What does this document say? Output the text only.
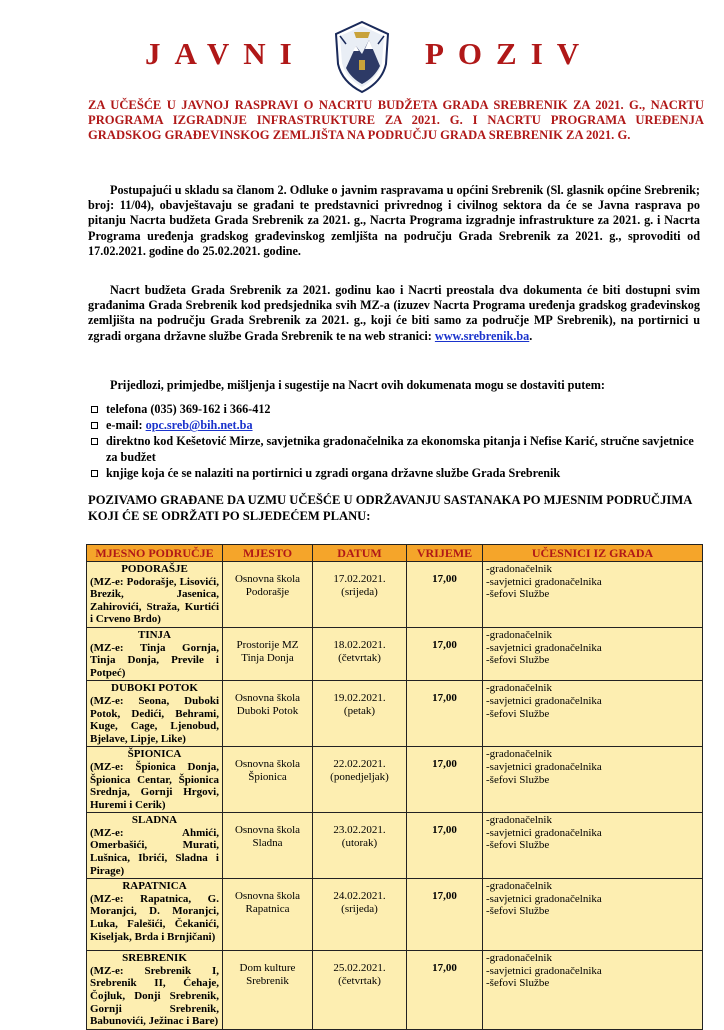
JAVNI	POZIV

ZA UČEŠĆE U JAVNOJ RASPRAVI O NACRTU BUDŽETA GRADA SREBRENIK ZA 2021. G., NACRTU PROGRAMA IZGRADNJE INFRASTRUKTURE ZA 2021. G. I NACRTU PROGRAMA UREĐENJA GRADSKOG GRAĐEVINSKOG ZEMLJIŠTA NA PODRUČJU GRADA SREBRENIK ZA 2021. G.

Postupajući u skladu sa članom 2. Odluke o javnim raspravama u općini Srebrenik (Sl. glasnik općine Srebrenik; broj: 11/04), obavještavaju se građani te predstavnici privrednog i civilnog sektora da će se Javna rasprava po pitanju Nacrta budžeta Grada Srebrenik za 2021. g., Nacrta Programa izgradnje infrastrukture za 2021. g. i Nacrta Programa uređenja gradskog građevinskog zemljišta na području Grada Srebrenik za 2021. g., sprovoditi od 17.02.2021. godine do 25.02.2021. godine.

Nacrt budžeta Grada Srebrenik za 2021. godinu kao i Nacrti preostala dva dokumenta će biti dostupni svim građanima Grada Srebrenik kod predsjednika svih MZ-a (izuzev Nacrta Programa uređenja gradskog građevinskog zemljišta na području Grada Srebrenik za 2021. g., koji će biti samo za područje MP Srebrenik), na portirnici u zgradi organa državne službe Grada Srebrenik te na web stranici: www.srebrenik.ba.

Prijedlozi, primjedbe, mišljenja i sugestije na Nacrt ovih dokumenata mogu se dostaviti putem:

telefona (035) 369-162 i 366-412
e-mail: opc.sreb@bih.net.ba
direktno kod Kešetović Mirze, savjetnika gradonačelnika za ekonomska pitanja i Nefise Karić, stručne savjetnice za budžet
knjige koja će se nalaziti na portirnici u zgradi organa državne službe Grada Srebrenik

POZIVAMO GRAĐANE DA UZMU UČEŠĆE U ODRŽAVANJU SASTANAKA PO MJESNIM PODRUČJIMA KOJI ĆE SE ODRŽATI PO SLJEDEĆEM PLANU:

MJESNO PODRUČJE	MJESTO	DATUM	VRIJEME	UČESNICI IZ GRADA

PODORAŠJE
(MZ-e: Podorašje, Lisovići, Brezik, Jasenica, Zahirovići, Straža, Kurtići i Crveno Brdo)	Osnovna škola
Podorašje	17.02.2021.
(srijeda)	17,00	-gradonačelnik
-savjetnici gradonačelnika
-šefovi Službe

TINJA
(MZ-e: Tinja Gornja, Tinja Donja, Previle i Potpeć)	Prostorije MZ
Tinja Donja	18.02.2021.
(četvrtak)	17,00	-gradonačelnik
-savjetnici gradonačelnika
-šefovi Službe

DUBOKI POTOK
(MZ-e: Seona, Duboki Potok, Dedići, Behrami, Kuge, Cage, Ljenobud, Bjelave, Lipje, Like)	Osnovna škola
Duboki Potok	19.02.2021.
(petak)	17,00	-gradonačelnik
-savjetnici gradonačelnika
-šefovi Službe

ŠPIONICA
(MZ-e: Špionica Donja, Špionica Centar, Špionica Srednja, Gornji Hrgovi, Huremi i Cerik)	Osnovna škola
Špionica	22.02.2021.
(ponedjeljak)	17,00	-gradonačelnik
-savjetnici gradonačelnika
-šefovi Službe

SLADNA
(MZ-e: Ahmići, Omerbašići, Murati, Lušnica, Ibrići, Sladna i Pirage)	Osnovna škola
Sladna	23.02.2021.
(utorak)	17,00	-gradonačelnik
-savjetnici gradonačelnika
-šefovi Službe

RAPATNICA
(MZ-e: Rapatnica, G. Moranjci, D. Moranjci, Luka, Falešići, Čekanići, Kiseljak, Brda i Brnjičani)	Osnovna škola
Rapatnica	24.02.2021.
(srijeda)	17,00	-gradonačelnik
-savjetnici gradonačelnika
-šefovi Službe

SREBRENIK
(MZ-e: Srebrenik I, Srebrenik II, Ćehaje, Čojluk, Donji Srebrenik, Gornji Srebrenik, Babunovići, Ježinac i Bare)	Dom kulture
Srebrenik	25.02.2021.
(četvrtak)	17,00	-gradonačelnik
-savjetnici gradonačelnika
-šefovi Službe
